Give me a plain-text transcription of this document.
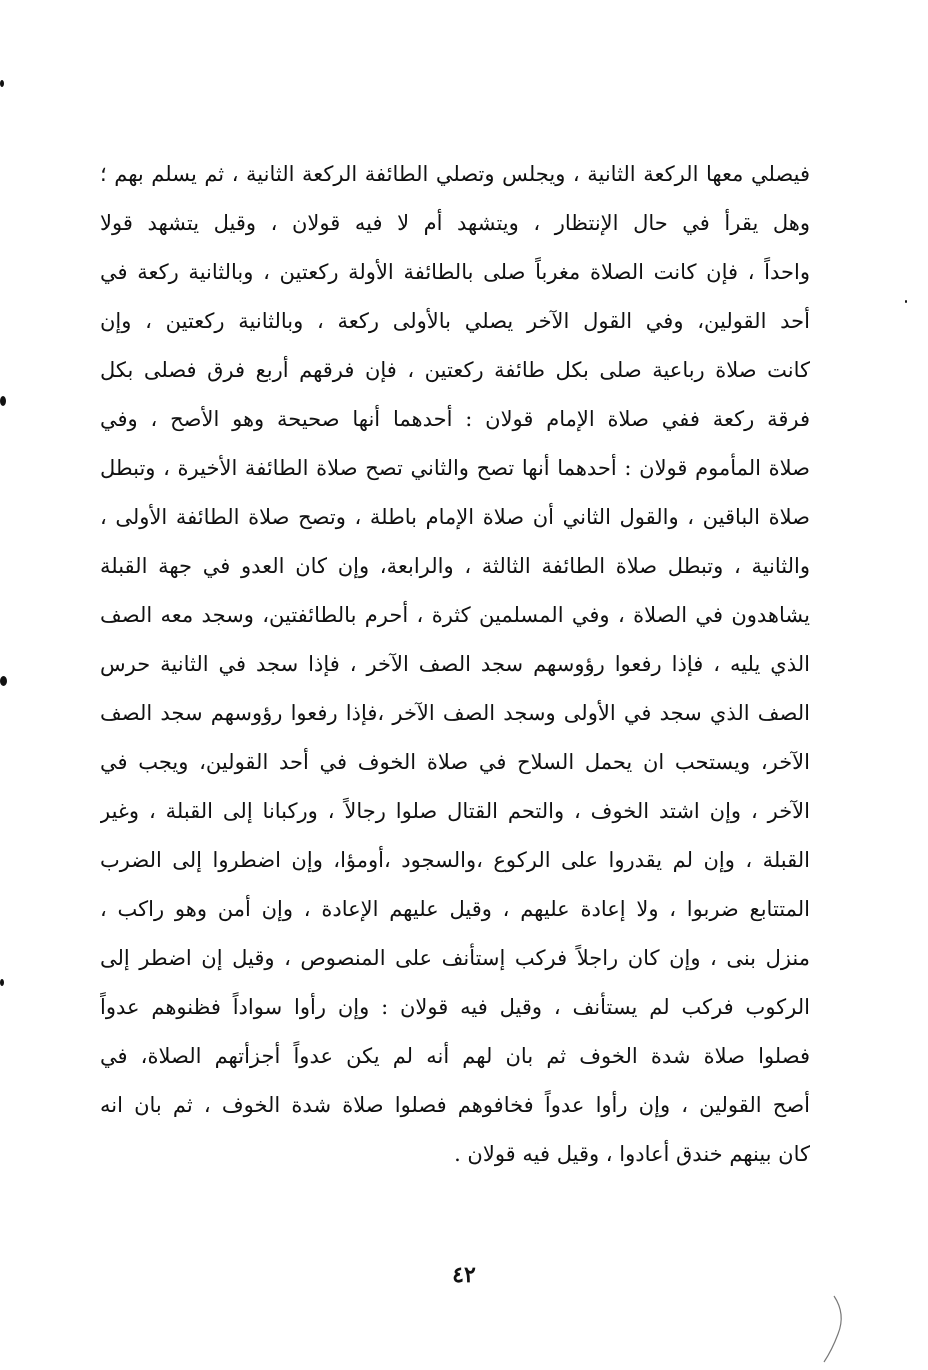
فيصلي معها الركعة الثانية ، ويجلس وتصلي الطائفة الركعة الثانية ، ثم يسلم بهم ؛
وهل يقرأ في حال الإنتظار ، ويتشهد أم لا فيه قولان ، وقيل يتشهد قولا
واحداً ، فإن كانت الصلاة مغرباً صلى بالطائفة الأولة ركعتين ، وبالثانية ركعة في
أحد القولين، وفي القول الآخر يصلي بالأولى ركعة ، وبالثانية ركعتين ، وإن
كانت صلاة رباعية صلى بكل طائفة ركعتين ، فإن فرقهم أربع فرق فصلى بكل
فرقة ركعة ففي صلاة الإمام قولان : أحدهما أنها صحيحة وهو الأصح ، وفي
صلاة المأموم قولان : أحدهما أنها تصح والثاني تصح صلاة الطائفة الأخيرة ، وتبطل
صلاة الباقين ، والقول الثاني أن صلاة الإمام باطلة ، وتصح صلاة الطائفة الأولى ،
والثانية ، وتبطل صلاة الطائفة الثالثة ، والرابعة، وإن كان العدو في جهة القبلة
يشاهدون في الصلاة ، وفي المسلمين كثرة ، أحرم بالطائفتين، وسجد معه الصف
الذي يليه ، فإذا رفعوا رؤوسهم سجد الصف الآخر ، فإذا سجد في الثانية حرس
الصف الذي سجد في الأولى وسجد الصف الآخر ،فإذا رفعوا رؤوسهم سجد الصف
الآخر، ويستحب ان يحمل السلاح في صلاة الخوف في أحد القولين، ويجب في
الآخر ، وإن اشتد الخوف ، والتحم القتال صلوا رجالاً ، وركبانا إلى القبلة ، وغير
القبلة ، وإن لم يقدروا على الركوع ،والسجود ،أومؤا، وإن اضطروا إلى الضرب
المتتابع ضربوا ، ولا إعادة عليهم ، وقيل عليهم الإعادة ، وإن أمن وهو راكب ،
منزل بنى ، وإن كان راجلاً فركب إستأنف على المنصوص ، وقيل إن اضطر إلى
الركوب فركب لم يستأنف ، وقيل فيه قولان : وإن رأوا سواداً فظنوهم عدواً
فصلوا صلاة شدة الخوف ثم بان لهم أنه لم يكن عدواً أجزأتهم الصلاة، في
أصح القولين ، وإن رأوا عدواً فخافوهم فصلوا صلاة شدة الخوف ، ثم بان انه
كان بينهم خندق أعادوا ، وقيل فيه قولان .
٤٢
